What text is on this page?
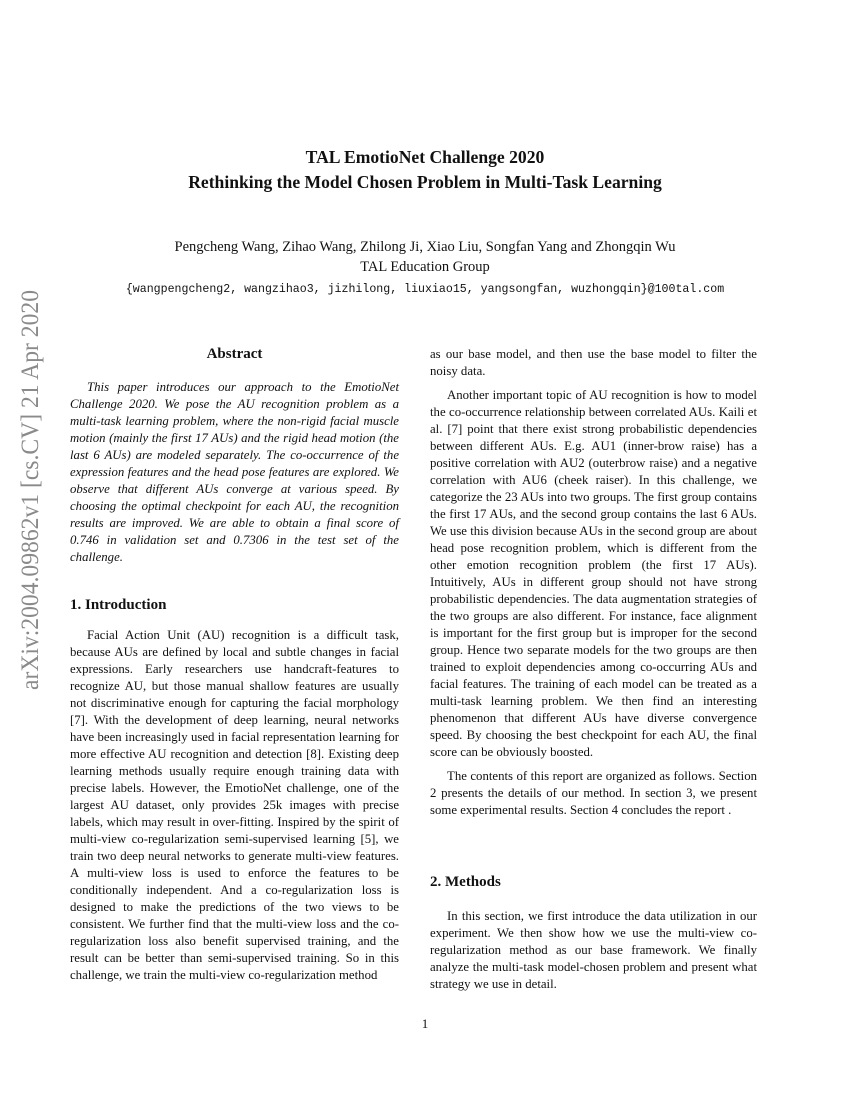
arXiv:2004.09862v1 [cs.CV] 21 Apr 2020
TAL EmotioNet Challenge 2020
Rethinking the Model Chosen Problem in Multi-Task Learning
Pengcheng Wang, Zihao Wang, Zhilong Ji, Xiao Liu, Songfan Yang and Zhongqin Wu
TAL Education Group
{wangpengcheng2, wangzihao3, jizhilong, liuxiao15, yangsongfan, wuzhongqin}@100tal.com
Abstract
This paper introduces our approach to the EmotioNet Challenge 2020. We pose the AU recognition problem as a multi-task learning problem, where the non-rigid facial muscle motion (mainly the first 17 AUs) and the rigid head motion (the last 6 AUs) are modeled separately. The co-occurrence of the expression features and the head pose features are explored. We observe that different AUs converge at various speed. By choosing the optimal checkpoint for each AU, the recognition results are improved. We are able to obtain a final score of 0.746 in validation set and 0.7306 in the test set of the challenge.
1. Introduction

Facial Action Unit (AU) recognition is a difficult task, because AUs are defined by local and subtle changes in facial expressions. Early researchers use handcraft-features to recognize AU, but those manual shallow features are usually not discriminative enough for capturing the facial morphology [7]. With the development of deep learning, neural networks have been increasingly used in facial representation learning for more effective AU recognition and detection [8]. Existing deep learning methods usually require enough training data with precise labels. However, the EmotioNet challenge, one of the largest AU dataset, only provides 25k images with precise labels, which may result in over-fitting. Inspired by the spirit of multi-view co-regularization semi-supervised learning [5], we train two deep neural networks to generate multi-view features. A multi-view loss is used to enforce the features to be conditionally independent. And a co-regularization loss is designed to make the predictions of the two views to be consistent. We further find that the multi-view loss and the co-regularization loss also benefit supervised training, and the result can be better than semi-supervised training. So in this challenge, we train the multi-view co-regularization method

as our base model, and then use the base model to filter the noisy data.

Another important topic of AU recognition is how to model the co-occurrence relationship between correlated AUs. Kaili et al. [7] point that there exist strong probabilistic dependencies between different AUs. E.g. AU1 (inner-brow raise) has a positive correlation with AU2 (outerbrow raise) and a negative correlation with AU6 (cheek raiser). In this challenge, we categorize the 23 AUs into two groups. The first group contains the first 17 AUs, and the second group contains the last 6 AUs. We use this division because AUs in the second group are about head pose recognition problem, which is different from the other emotion recognition problem (the first 17 AUs). Intuitively, AUs in different group should not have strong probabilistic dependencies. The data augmentation strategies of the two groups are also different. For instance, face alignment is important for the first group but is improper for the second group. Hence two separate models for the two groups are then trained to exploit dependencies among co-occurring AUs and facial features. The training of each model can be treated as a multi-task learning problem. We then find an interesting phenomenon that different AUs have diverse convergence speed. By choosing the best checkpoint for each AU, the final score can be obviously boosted.

The contents of this report are organized as follows. Section 2 presents the details of our method. In section 3, we present some experimental results. Section 4 concludes the report .

2. Methods

In this section, we first introduce the data utilization in our experiment. We then show how we use the multi-view co-regularization method as our base framework. We finally analyze the multi-task model-chosen problem and present what strategy we use in detail.

1
